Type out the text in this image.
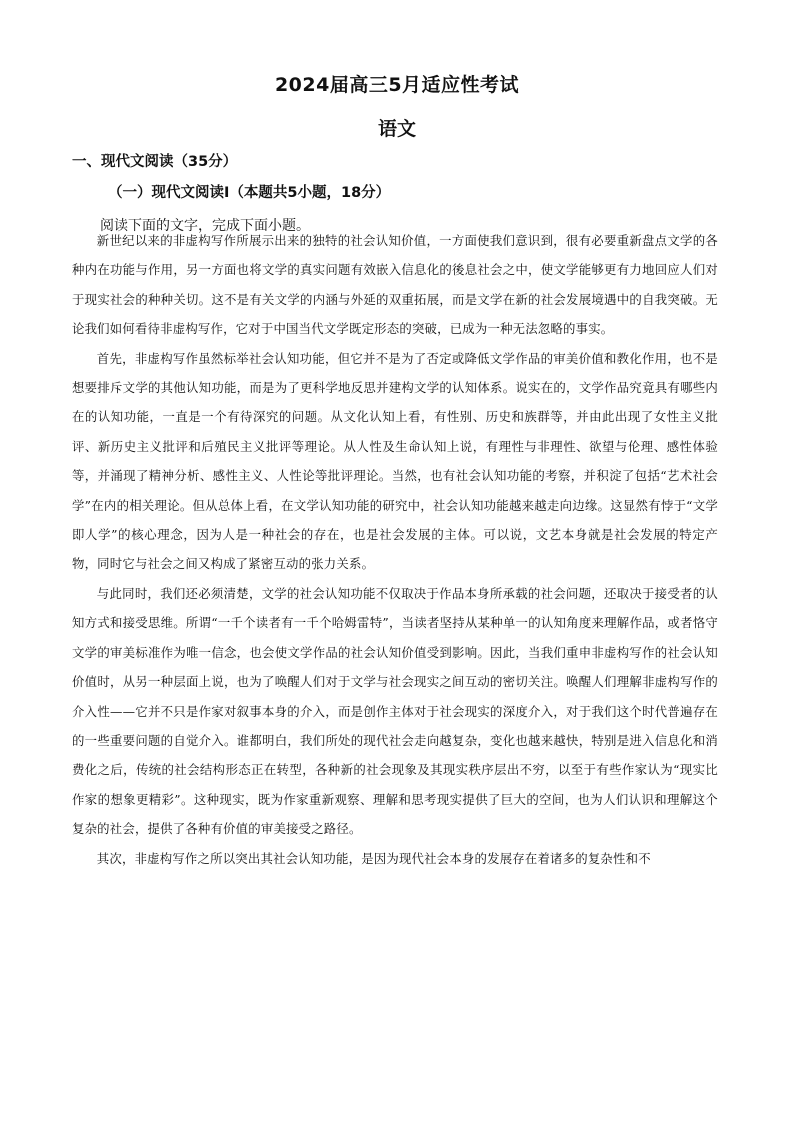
2024届高三5月适应性考试
语文
一、现代文阅读（35分）
（一）现代文阅读Ⅰ（本题共5小题，18分）
阅读下面的文字，完成下面小题。

新世纪以来的非虚构写作所展示出来的独特的社会认知价值，一方面使我们意识到，很有必要重新盘点文学的各种内在功能与作用，另一方面也将文学的真实问题有效嵌入信息化的後息社会之中，使文学能够更有力地回应人们对于现实社会的种种关切。这不是有关文学的内涵与外延的双重拓展，而是文学在新的社会发展境遇中的自我突破。无论我们如何看待非虚构写作，它对于中国当代文学既定形态的突破，已成为一种无法忽略的事实。

首先，非虚构写作虽然标举社会认知功能，但它并不是为了否定或降低文学作品的审美价值和教化作用，也不是想要排斥文学的其他认知功能，而是为了更科学地反思并建构文学的认知体系。说实在的，文学作品究竟具有哪些内在的认知功能，一直是一个有待深究的问题。从文化认知上看，有性别、历史和族群等，并由此出现了女性主义批评、新历史主义批评和后殖民主义批评等理论。从人性及生命认知上说，有理性与非理性、欲望与伦理、感性体验等，并涌现了精神分析、感性主义、人性论等批评理论。当然，也有社会认知功能的考察，并积淀了包括“艺术社会学”在内的相关理论。但从总体上看，在文学认知功能的研究中，社会认知功能越来越走向边缘。这显然有悖于“文学即人学”的核心理念，因为人是一种社会的存在，也是社会发展的主体。可以说，文艺本身就是社会发展的特定产物，同时它与社会之间又构成了紧密互动的张力关系。

与此同时，我们还必须清楚，文学的社会认知功能不仅取决于作品本身所承载的社会问题，还取决于接受者的认知方式和接受思维。所谓“一千个读者有一千个哈姆雷特”，当读者坚持从某种单一的认知角度来理解作品，或者恪守文学的审美标准作为唯一信念，也会使文学作品的社会认知价值受到影响。因此，当我们重申非虚构写作的社会认知价值时，从另一种层面上说，也为了唤醒人们对于文学与社会现实之间互动的密切关注。唤醒人们理解非虚构写作的介入性——它并不只是作家对叙事本身的介入，而是创作主体对于社会现实的深度介入，对于我们这个时代普遍存在的一些重要问题的自觉介入。谁都明白，我们所处的现代社会走向越复杂，变化也越来越快，特别是进入信息化和消费化之后，传统的社会结构形态正在转型，各种新的社会现象及其现实秩序层出不穷，以至于有些作家认为“现实比作家的想象更精彩”。这种现实，既为作家重新观察、理解和思考现实提供了巨大的空间，也为人们认识和理解这个复杂的社会，提供了各种有价值的审美接受之路径。

其次，非虚构写作之所以突出其社会认知功能，是因为现代社会本身的发展存在着诸多的复杂性和不
